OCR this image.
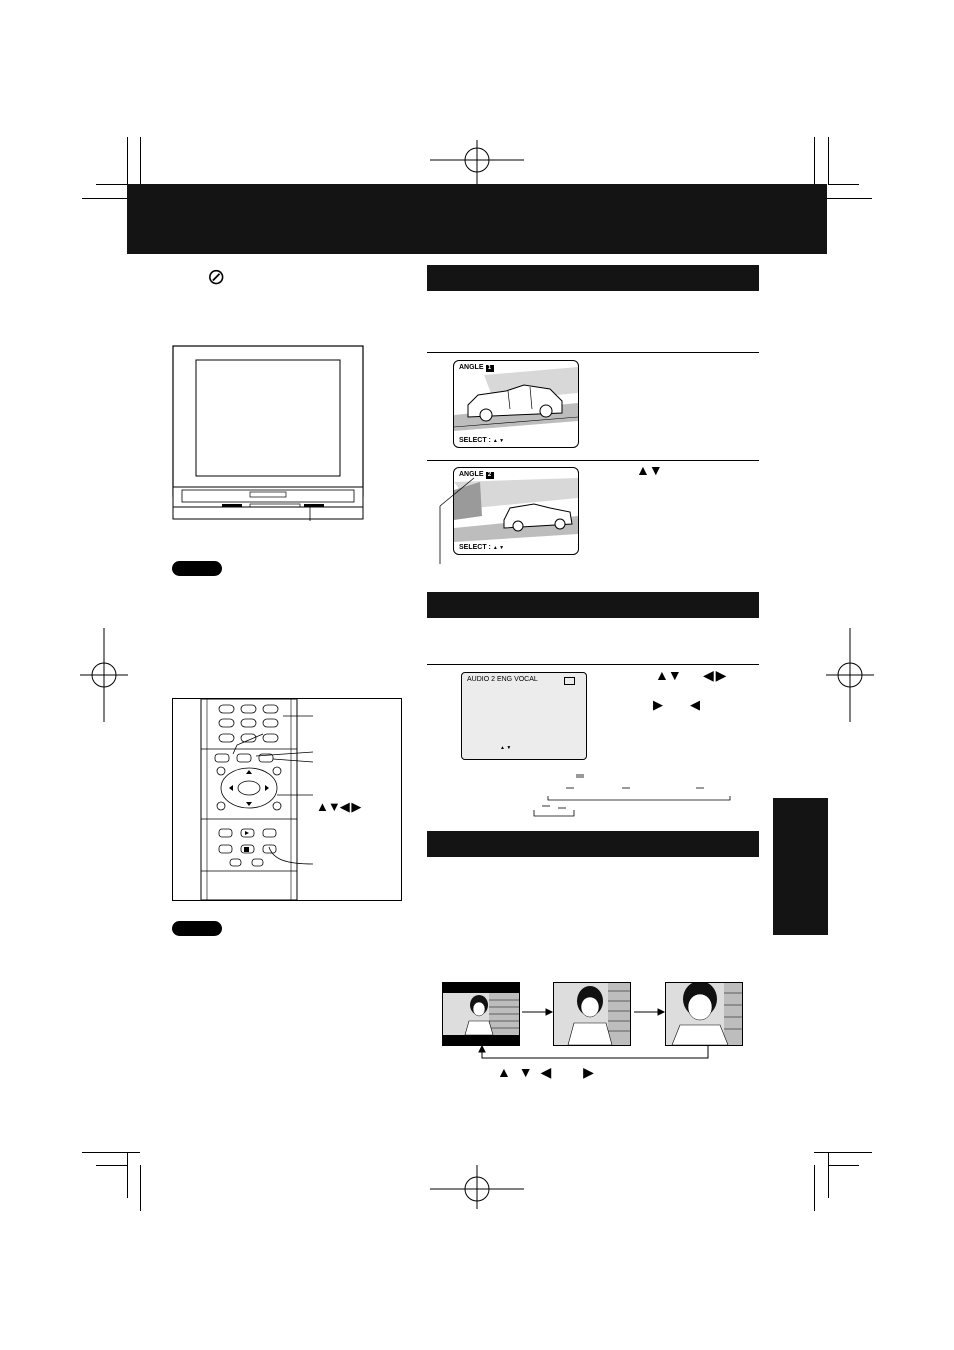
⊘
▲▼◀ ▶
ANGLE 1
SELECT : ▲ ▼
ANGLE 2
SELECT : ▲ ▼
▲▼
AUDIO 2 ENG VOCAL
▲ ▼
▲▼ ◀ ▶
▶ ◀
▲ ▼ ◀ ▶
